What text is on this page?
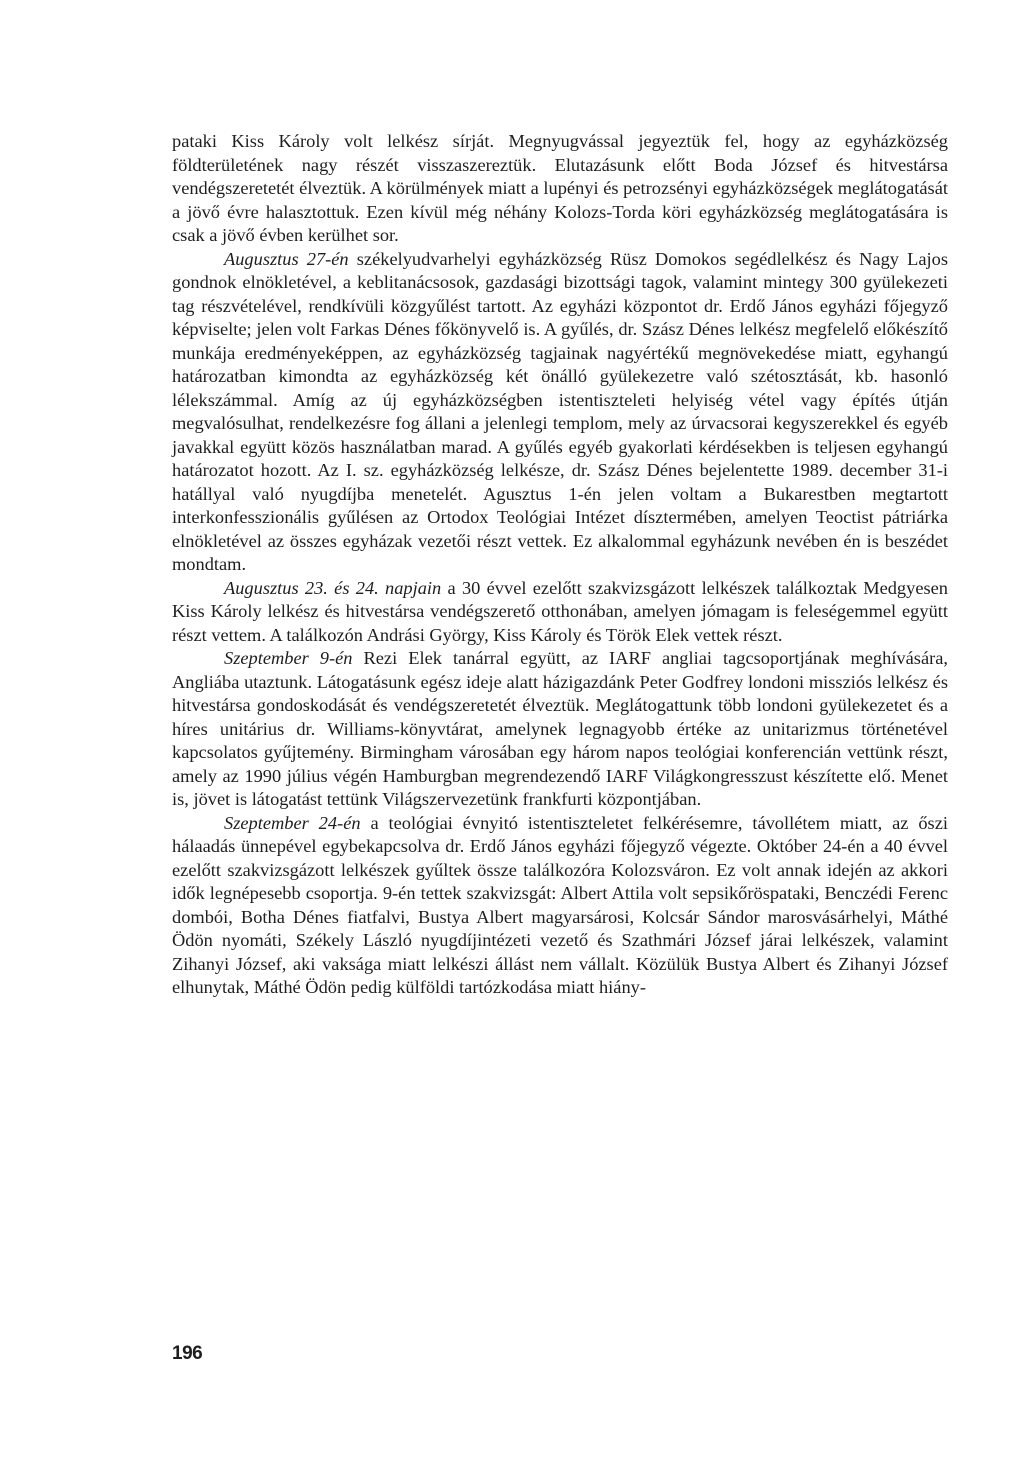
pataki Kiss Károly volt lelkész sírját. Megnyugvással jegyeztük fel, hogy az egyházközség földterületének nagy részét visszaszereztük. Elutazásunk előtt Boda József és hitvestársa vendégszeretetét élveztük. A körülmények miatt a lupényi és petrozsényi egyházközségek meglátogatását a jövő évre halasztottuk. Ezen kívül még néhány Kolozs-Torda köri egyházközség meglátogatására is csak a jövő évben kerülhet sor.

Augusztus 27-én székelyudvarhelyi egyházközség Rüsz Domokos segédlelkész és Nagy Lajos gondnok elnökletével, a keblitanácsosok, gazdasági bizottsági tagok, valamint mintegy 300 gyülekezeti tag részvételével, rendkívüli közgyűlést tartott. Az egyházi központot dr. Erdő János egyházi főjegyző képviselte; jelen volt Farkas Dénes főkönyvelő is. A gyűlés, dr. Szász Dénes lelkész megfelelő előkészítő munkája eredményeképpen, az egyházközség tagjainak nagyértékű megnövekedése miatt, egyhangú határozatban kimondta az egyházközség két önálló gyülekezetre való szétosztását, kb. hasonló lélekszámmal. Amíg az új egyházközségben istentiszteleti helyiség vétel vagy építés útján megvalósulhat, rendelkezésre fog állani a jelenlegi templom, mely az úrvacsorai kegyszerekkel és egyéb javakkal együtt közös használatban marad. A gyűlés egyéb gyakorlati kérdésekben is teljesen egyhangú határozatot hozott. Az I. sz. egyházközség lelkésze, dr. Szász Dénes bejelentette 1989. december 31-i hatállyal való nyugdíjba menetelét. Agusztus 1-én jelen voltam a Bukarestben megtartott interkonfesszionális gyűlésen az Ortodox Teológiai Intézet dísztermében, amelyen Teoctist pátriárka elnökletével az összes egyházak vezetői részt vettek. Ez alkalommal egyházunk nevében én is beszédet mondtam.

Augusztus 23. és 24. napjain a 30 évvel ezelőtt szakvizsgázott lelkészek találkoztak Medgyesen Kiss Károly lelkész és hitvestársa vendégszerető otthonában, amelyen jómagam is feleségemmel együtt részt vettem. A találkozón Andrási György, Kiss Károly és Török Elek vettek részt.

Szeptember 9-én Rezi Elek tanárral együtt, az IARF angliai tagcsoportjának meghívására, Angliába utaztunk. Látogatásunk egész ideje alatt házigazdánk Peter Godfrey londoni missziós lelkész és hitvestársa gondoskodását és vendégszeretetét élveztük. Meglátogattunk több londoni gyülekezetet és a híres unitárius dr. Williams-könyvtárat, amelynek legnagyobb értéke az unitarizmus történetével kapcsolatos gyűjtemény. Birmingham városában egy három napos teológiai konferencián vettünk részt, amely az 1990 július végén Hamburgban megrendezendő IARF Világkongresszust készítette elő. Menet is, jövet is látogatást tettünk Világszervezetünk frankfurti központjában.

Szeptember 24-én a teológiai évnyitó istentiszteletet felkérésemre, távollétem miatt, az őszi hálaadás ünnepével egybekapcsolva dr. Erdő János egyházi főjegyző végezte. Október 24-én a 40 évvel ezelőtt szakvizsgázott lelkészek gyűltek össze találkozóra Kolozsváron. Ez volt annak idején az akkori idők legnépesebb csoportja. 9-én tettek szakvizsgát: Albert Attila volt sepsikőröspataki, Benczédi Ferenc dombói, Botha Dénes fiatfalvi, Bustya Albert magyarsárosi, Kolcsár Sándor marosvásárhelyi, Máthé Ödön nyomáti, Székely László nyugdíjintézeti vezető és Szathmári József járai lelkészek, valamint Zihanyi József, aki vaksága miatt lelkészi állást nem vállalt. Közülük Bustya Albert és Zihanyi József elhunytak, Máthé Ödön pedig külföldi tartózkodása miatt hiány-

196
